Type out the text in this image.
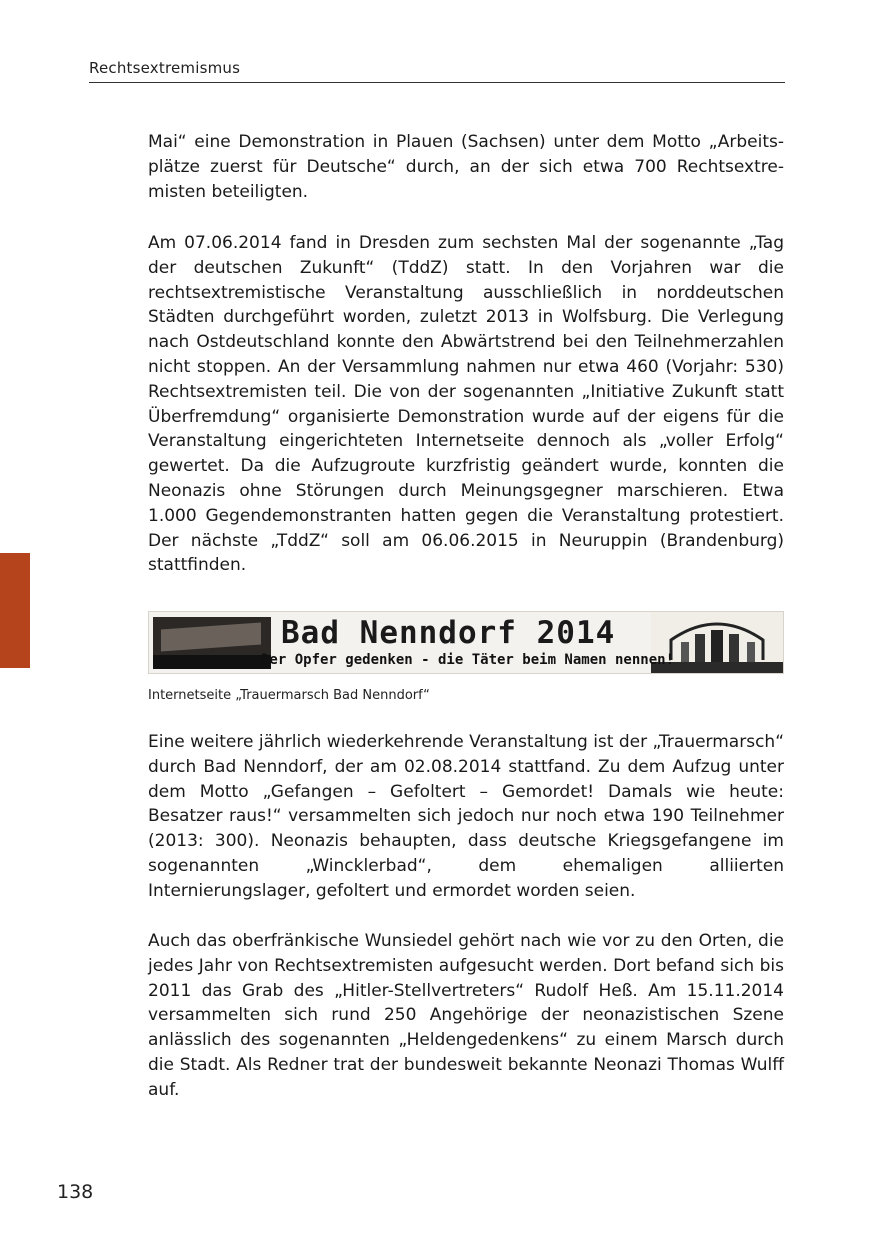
Rechtsextremismus

Mai“ eine Demonstration in Plauen (Sachsen) unter dem Motto „Arbeitsplätze zuerst für Deutsche“ durch, an der sich etwa 700 Rechtsextremisten beteiligten.

Am 07.06.2014 fand in Dresden zum sechsten Mal der sogenannte „Tag der deutschen Zukunft“ (TddZ) statt. In den Vorjahren war die rechtsextremistische Veranstaltung ausschließlich in norddeutschen Städten durchgeführt worden, zuletzt 2013 in Wolfsburg. Die Verlegung nach Ostdeutschland konnte den Abwärtstrend bei den Teilnehmerzahlen nicht stoppen. An der Versammlung nahmen nur etwa 460 (Vorjahr: 530) Rechtsextremisten teil. Die von der sogenannten „Initiative Zukunft statt Überfremdung“ organisierte Demonstration wurde auf der eigens für die Veranstaltung eingerichteten Internetseite dennoch als „voller Erfolg“ gewertet. Da die Aufzugroute kurzfristig geändert wurde, konnten die Neonazis ohne Störungen durch Meinungsgegner marschieren. Etwa 1.000 Gegendemonstranten hatten gegen die Veranstaltung protestiert. Der nächste „TddZ“ soll am 06.06.2015 in Neuruppin (Brandenburg) stattfinden.

Bad Nenndorf 2014
Der Opfer gedenken - die Täter beim Namen nennen!
Internetseite „Trauermarsch Bad Nenndorf“

Eine weitere jährlich wiederkehrende Veranstaltung ist der „Trauermarsch“ durch Bad Nenndorf, der am 02.08.2014 stattfand. Zu dem Aufzug unter dem Motto „Gefangen – Gefoltert – Gemordet! Damals wie heute: Besatzer raus!“ versammelten sich jedoch nur noch etwa 190 Teilnehmer (2013: 300). Neonazis behaupten, dass deutsche Kriegsgefangene im sogenannten „Wincklerbad“, dem ehemaligen alliierten Internierungslager, gefoltert und ermordet worden seien.

Auch das oberfränkische Wunsiedel gehört nach wie vor zu den Orten, die jedes Jahr von Rechtsextremisten aufgesucht werden. Dort befand sich bis 2011 das Grab des „Hitler-Stellvertreters“ Rudolf Heß. Am 15.11.2014 versammelten sich rund 250 Angehörige der neonazistischen Szene anlässlich des sogenannten „Heldengedenkens“ zu einem Marsch durch die Stadt. Als Redner trat der bundesweit bekannte Neonazi Thomas Wulff auf.

138
